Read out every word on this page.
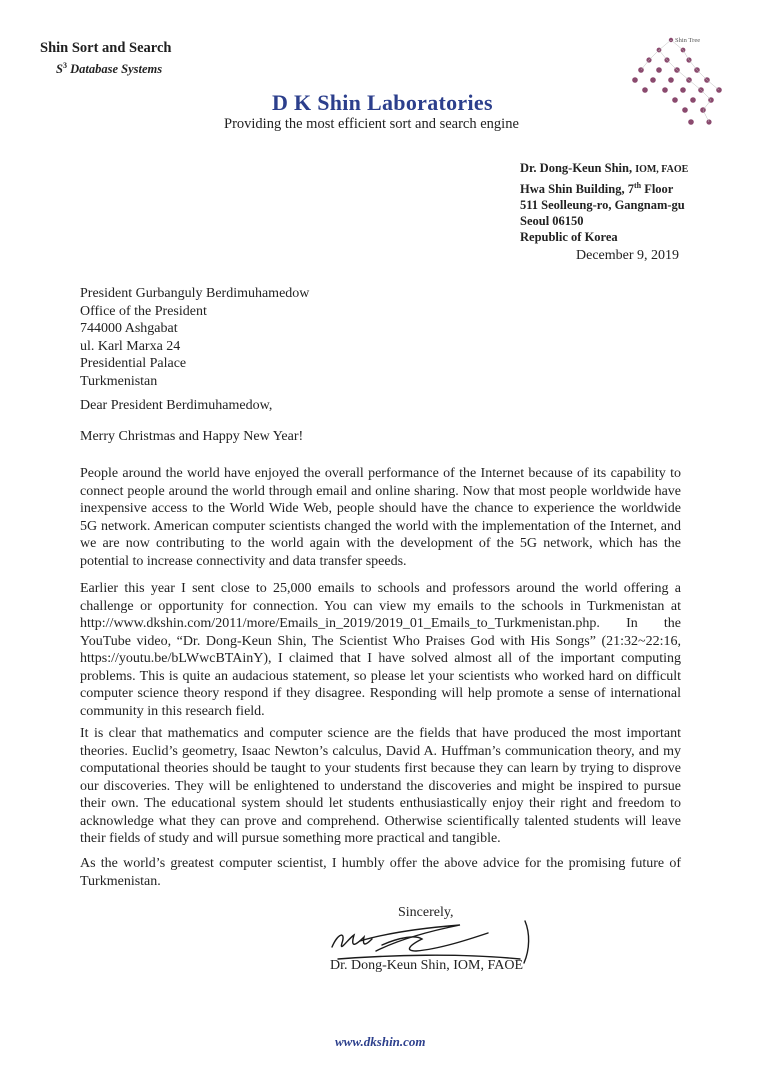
Shin Sort and Search
$S^3$ Database Systems
D K Shin Laboratories
Providing the most efficient sort and search engine
Shin Tree
Dr. Dong-Keun Shin, IOM, FAOE
Hwa Shin Building, 7th Floor
511 Seolleung-ro, Gangnam-gu
Seoul 06150
Republic of Korea
December 9, 2019
President Gurbanguly Berdimuhamedow
Office of the President
744000 Ashgabat
ul. Karl Marxa 24
Presidential Palace
Turkmenistan
Dear President Berdimuhamedow,
Merry Christmas and Happy New Year!

People around the world have enjoyed the overall performance of the Internet because of its capability to connect people around the world through email and online sharing. Now that most people worldwide have inexpensive access to the World Wide Web, people should have the chance to experience the worldwide 5G network. American computer scientists changed the world with the implementation of the Internet, and we are now contributing to the world again with the development of the 5G network, which has the potential to increase connectivity and data transfer speeds.

Earlier this year I sent close to 25,000 emails to schools and professors around the world offering a challenge or opportunity for connection. You can view my emails to the schools in Turkmenistan at http://www.dkshin.com/2011/more/Emails_in_2019/2019_01_Emails_to_Turkmenistan.php. In the YouTube video, “Dr. Dong-Keun Shin, The Scientist Who Praises God with His Songs” (21:32~22:16, https://youtu.be/bLWwcBTAinY), I claimed that I have solved almost all of the important computing problems. This is quite an audacious statement, so please let your scientists who worked hard on difficult computer science theory respond if they disagree. Responding will help promote a sense of international community in this research field.

It is clear that mathematics and computer science are the fields that have produced the most important theories. Euclid’s geometry, Isaac Newton’s calculus, David A. Huffman’s communication theory, and my computational theories should be taught to your students first because they can learn by trying to disprove our discoveries. They will be enlightened to understand the discoveries and might be inspired to pursue their own. The educational system should let students enthusiastically enjoy their right and freedom to acknowledge what they can prove and comprehend. Otherwise scientifically talented students will leave their fields of study and will pursue something more practical and tangible.

As the world’s greatest computer scientist, I humbly offer the above advice for the promising future of Turkmenistan.

Sincerely,
Dr. Dong-Keun Shin, IOM, FAOE
www.dkshin.com
